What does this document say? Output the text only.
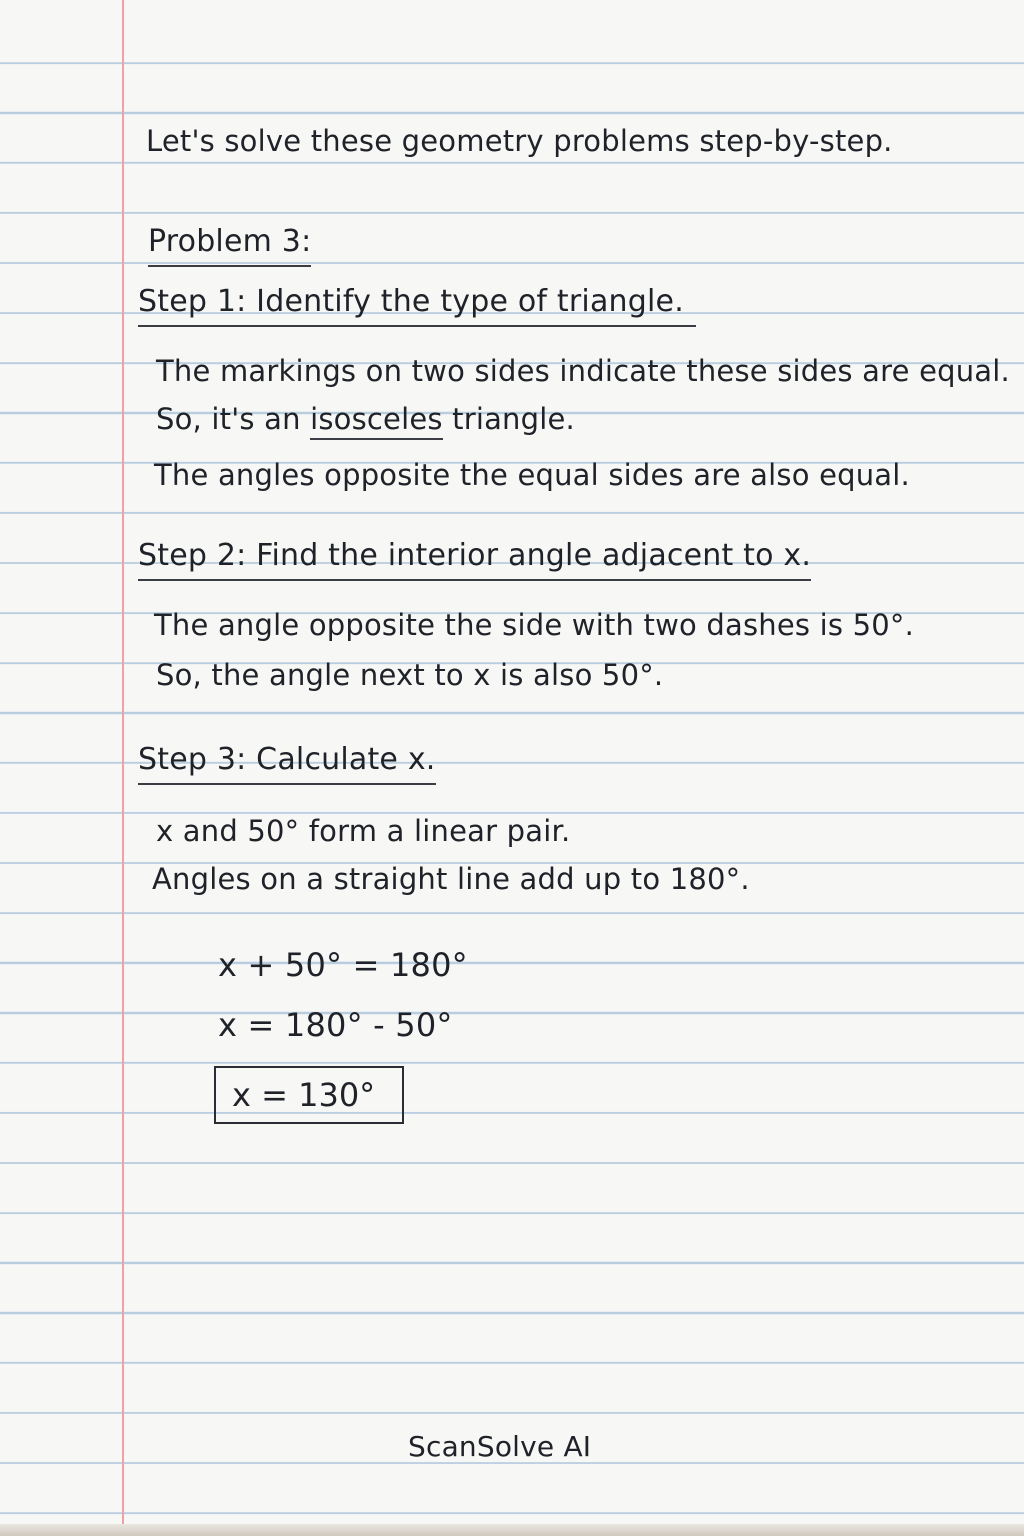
Let's solve these geometry problems step-by-step.
Problem 3:
Step 1: Identify the type of triangle.
The markings on two sides indicate these sides are equal.
So, it's an isosceles triangle.
The angles opposite the equal sides are also equal.
Step 2: Find the interior angle adjacent to x.
The angle opposite the side with two dashes is 50°.
So, the angle next to x is also 50°.
Step 3: Calculate x.
x and 50° form a linear pair.
Angles on a straight line add up to 180°.
x + 50° = 180°
x = 180° - 50°
x = 130°
ScanSolve AI
